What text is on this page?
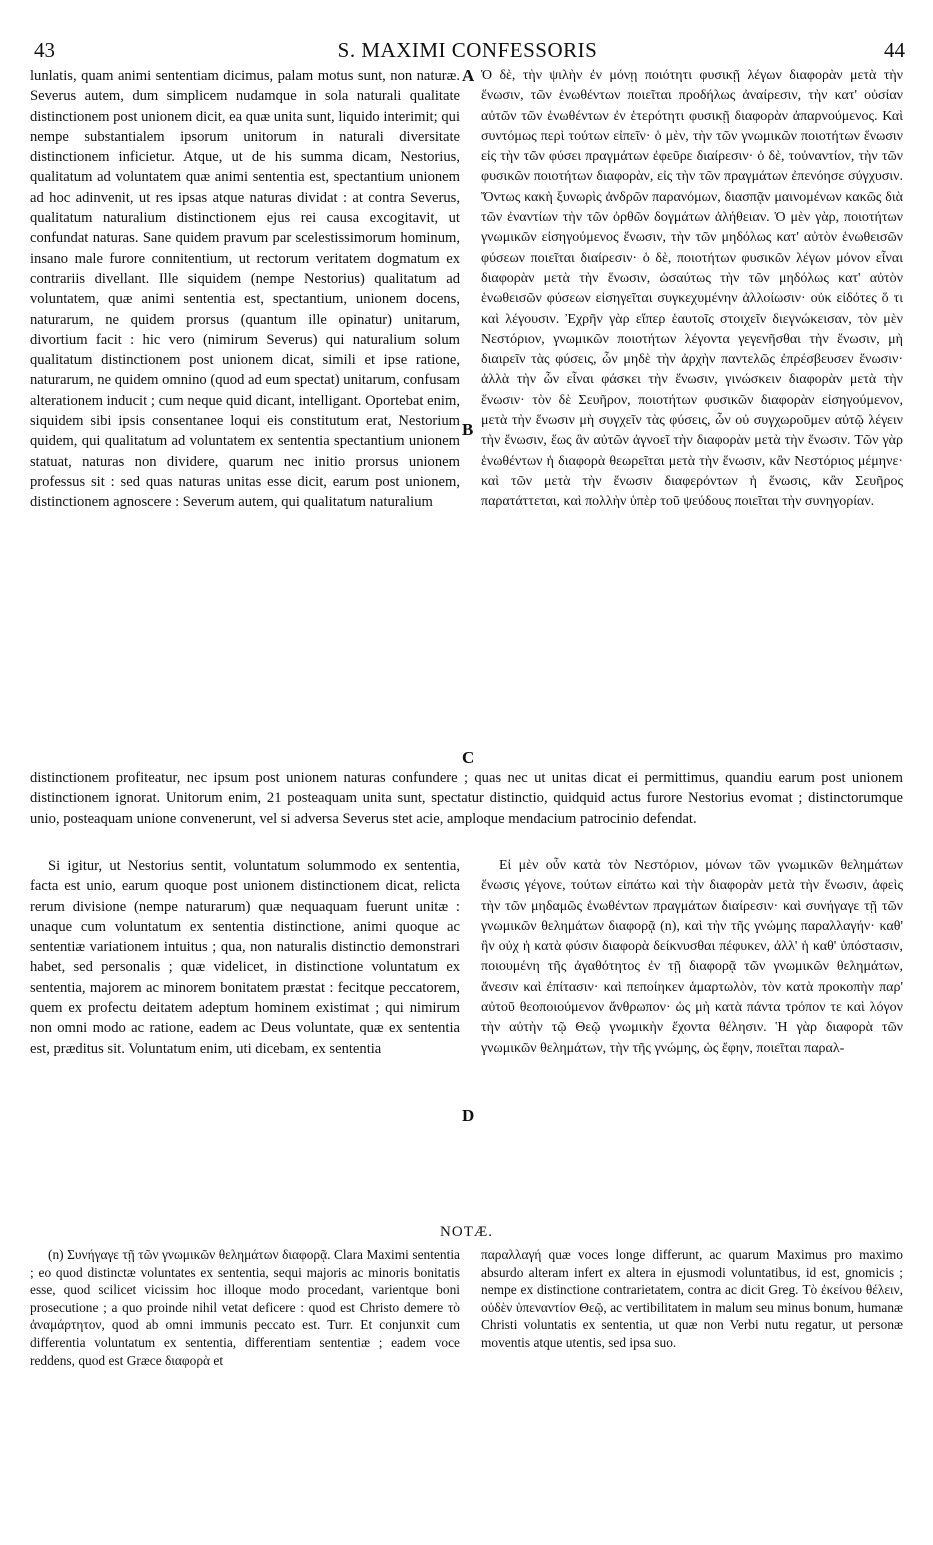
43	S. MAXIMI CONFESSORIS	44

lunlatis, quam animi sententiam dicimus, palam motus sunt, non naturæ. Severus autem, dum simplicem nudamque in sola naturali qualitate distinctionem post unionem dicit, ea quæ unita sunt, liquido interimit; qui nempe substantialem ipsorum unitorum in naturali diversitate distinctionem inficietur. Atque, ut de his summa dicam, Nestorius, qualitatum ad voluntatem quæ animi sententia est, spectantium unionem ad hoc adinvenit, ut res ipsas atque naturas dividat : at contra Severus, qualitatum naturalium distinctionem ejus rei causa excogitavit, ut confundat naturas. Sane quidem pravum par scelestissimorum hominum, insano male furore connitentium, ut rectorum veritatem dogmatum ex contrariis divellant. Ille siquidem (nempe Nestorius) qualitatum ad voluntatem, quæ animi sententia est, spectantium, unionem docens, naturarum, ne quidem prorsus (quantum ille opinatur) unitarum, divortium facit : hic vero (nimirum Severus) qui naturalium solum qualitatum distinctionem post unionem dicat, simili et ipse ratione, naturarum, ne quidem omnino (quod ad eum spectat) unitarum, confusam alterationem inducit ; cum neque quid dicant, intelligant. Oportebat enim, siquidem sibi ipsis consentanee loqui eis constitutum erat, Nestorium quidem, qui qualitatum ad voluntatem ex sententia spectantium unionem statuat, naturas non dividere, quarum nec initio prorsus unionem professus sit : sed quas naturas unitas esse dicit, earum post unionem, distinctionem agnoscere : Severum autem, qui qualitatum naturalium

A
B
C
D

Ὁ δὲ, τὴν ψιλὴν ἐν μόνῃ ποιότητι φυσικῇ λέγων διαφορὰν μετὰ τὴν ἕνωσιν, τῶν ἑνωθέντων ποιεῖται προδήλως ἀναίρεσιν, τὴν κατ' οὐσίαν αὐτῶν τῶν ἑνωθέντων ἐν ἑτερότητι φυσικῇ διαφορὰν ἀπαρνούμενος. Καὶ συντόμως περὶ τούτων εἰπεῖν· ὁ μὲν, τὴν τῶν γνωμικῶν ποιοτήτων ἕνωσιν εἰς τὴν τῶν φύσει πραγμάτων ἐφεῦρε διαίρεσιν· ὁ δὲ, τοὐναντίον, τὴν τῶν φυσικῶν ποιοτήτων διαφορὰν, εἰς τὴν τῶν πραγμάτων ἐπενόησε σύγχυσιν. Ὄντως κακὴ ξυνωρὶς ἀνδρῶν παρανόμων, διασπᾷν μαινομένων κακῶς διὰ τῶν ἐναντίων τὴν τῶν ὀρθῶν δογμάτων ἀλήθειαν. Ὁ μὲν γὰρ, ποιοτήτων γνωμικῶν εἰσηγούμενος ἕνωσιν, τὴν τῶν μηδόλως κατ' αὐτὸν ἑνωθεισῶν φύσεων ποιεῖται διαίρεσιν· ὁ δὲ, ποιοτήτων φυσικῶν λέγων μόνον εἶναι διαφορὰν μετὰ τὴν ἕνωσιν, ὡσαύτως τὴν τῶν μηδόλως κατ' αὐτὸν ἑνωθεισῶν φύσεων εἰσηγεῖται συγκεχυμένην ἀλλοίωσιν· οὐκ εἰδότες ὅ τι καὶ λέγουσιν. Ἐχρῆν γὰρ εἴπερ ἑαυτοῖς στοιχεῖν διεγνώκεισαν, τὸν μὲν Νεστόριον, γνωμικῶν ποιοτήτων λέγοντα γεγενῆσθαι τὴν ἕνωσιν, μὴ διαιρεῖν τὰς φύσεις, ὧν μηδὲ τὴν ἀρχὴν παντελῶς ἐπρέσβευσεν ἕνωσιν· ἀλλὰ τὴν ὧν εἶναι φάσκει τὴν ἕνωσιν, γινώσκειν διαφορὰν μετὰ τὴν ἕνωσιν· τὸν δὲ Σευῆρον, ποιοτήτων φυσικῶν διαφορὰν εἰσηγούμενον, μετὰ τὴν ἕνωσιν μὴ συγχεῖν τὰς φύσεις, ὧν οὐ συγχωροῦμεν αὐτῷ λέγειν τὴν ἕνωσιν, ἕως ἂν αὐτῶν ἀγνοεῖ τὴν διαφορὰν μετὰ τὴν ἕνωσιν. Τῶν γὰρ ἑνωθέντων ἡ διαφορὰ θεωρεῖται μετὰ τὴν ἕνωσιν, κἂν Νεστόριος μέμηνε· καὶ τῶν μετὰ τὴν ἕνωσιν διαφερόντων ἡ ἕνωσις, κἂν Σευῆρος παρατάττεται, καὶ πολλὴν ὑπὲρ τοῦ ψεύδους ποιεῖται τὴν συνηγορίαν.

distinctionem profiteatur, nec ipsum post unionem naturas confundere ; quas nec ut unitas dicat ei permittimus, quandiu earum post unionem distinctionem ignorat. Unitorum enim, 21 posteaquam unita sunt, spectatur distinctio, quidquid actus furore Nestorius evomat ; distinctorumque unio, posteaquam unione convenerunt, vel si adversa Severus stet acie, amploque mendacium patrocinio defendat.

Si igitur, ut Nestorius sentit, voluntatum solummodo ex sententia, facta est unio, earum quoque post unionem distinctionem dicat, relicta rerum divisione (nempe naturarum) quæ nequaquam fuerunt unitæ : unaque cum voluntatum ex sententia distinctione, animi quoque ac sententiæ variationem intuitus ; qua, non naturalis distinctio demonstrari habet, sed personalis ; quæ videlicet, in distinctione voluntatum ex sententia, majorem ac minorem bonitatem præstat : fecitque peccatorem, quem ex profectu deitatem adeptum hominem existimat ; qui nimirum non omni modo ac ratione, eadem ac Deus voluntate, quæ ex sententia est, præditus sit. Voluntatum enim, uti dicebam, ex sententia

Εἰ μὲν οὖν κατὰ τὸν Νεστόριον, μόνων τῶν γνωμικῶν θελημάτων ἕνωσις γέγονε, τούτων εἰπάτω καὶ τὴν διαφορὰν μετὰ τὴν ἕνωσιν, ἀφεὶς τὴν τῶν μηδαμῶς ἑνωθέντων πραγμάτων διαίρεσιν· καὶ συνήγαγε τῇ τῶν γνωμικῶν θελημάτων διαφορᾷ (n), καὶ τὴν τῆς γνώμης παραλλαγήν· καθ' ἣν οὐχ ἡ κατὰ φύσιν διαφορὰ δείκνυσθαι πέφυκεν, ἀλλ' ἡ καθ' ὑπόστασιν, ποιουμένη τῆς ἀγαθότητος ἐν τῇ διαφορᾷ τῶν γνωμικῶν θελημάτων, ἄνεσιν καὶ ἐπίτασιν· καὶ πεποίηκεν ἁμαρτωλὸν, τὸν κατὰ προκοπὴν παρ' αὐτοῦ θεοποιούμενον ἄνθρωπον· ὡς μὴ κατὰ πάντα τρόπον τε καὶ λόγον τὴν αὐτὴν τῷ Θεῷ γνωμικὴν ἔχοντα θέλησιν. Ἡ γὰρ διαφορὰ τῶν γνωμικῶν θελημάτων, τὴν τῆς γνώμης, ὡς ἔφην, ποιεῖται παραλ-

NOTÆ.

(n) Συνήγαγε τῇ τῶν γνωμικῶν θελημάτων διαφορᾷ. Clara Maximi sententia ; eo quod distinctæ voluntates ex sententia, sequi majoris ac minoris bonitatis esse, quod scilicet vicissim hoc illoque modo procedant, varientque boni prosecutione ; a quo proinde nihil vetat deficere : quod est Christo demere τὸ ἀναμάρτητον, quod ab omni immunis peccato est. Turr. Et conjunxit cum differentia voluntatum ex sententia, differentiam sententiæ ; eadem voce reddens, quod est Græce διαφορὰ et

παραλλαγή quæ voces longe differunt, ac quarum Maximus pro maximo absurdo alteram infert ex altera in ejusmodi voluntatibus, id est, gnomicis ; nempe ex distinctione contrarietatem, contra ac dicit Greg. Τὸ ἐκείνου θέλειν, οὐδὲν ὑπεναντίον Θεῷ, ac vertibilitatem in malum seu minus bonum, humanæ Christi voluntatis ex sententia, ut quæ non Verbi nutu regatur, ut personæ moventis atque utentis, sed ipsa suo.
